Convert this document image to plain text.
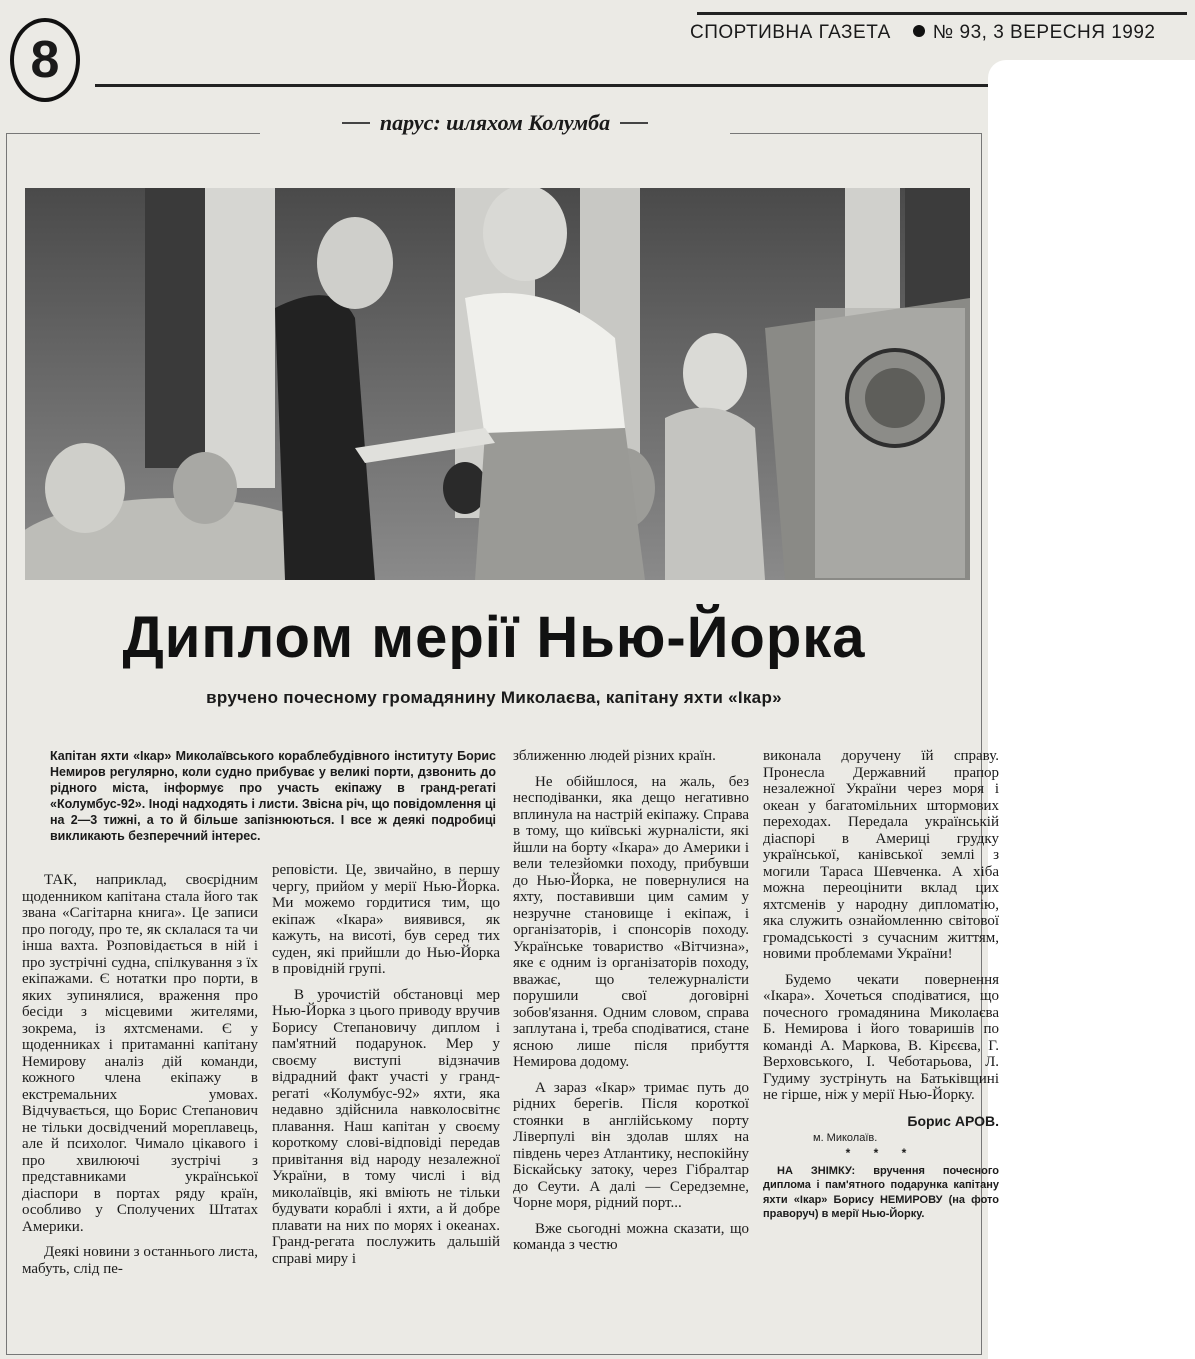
8	СПОРТИВНА ГАЗЕТА № 93, 3 ВЕРЕСНЯ 1992
парус: шляхом Колумба
Диплом мерії Нью-Йорка
вручено почесному громадянину Миколаєва, капітану яхти «Ікар»

Капітан яхти «Ікар» Миколаївського кораблебудівного інституту Борис Немиров регулярно, коли судно прибуває у великі порти, дзвонить до рідного міста, інформує про участь екіпажу в гранд-регаті «Колумбус-92». Іноді надходять і листи. Звісна річ, що повідомлення ці на 2—3 тижні, а то й більше запізнюються. І все ж деякі подробиці викликають безперечний інтерес.

ТАК, наприклад, своєрідним щоденником капітана стала його так звана «Сагітарна книга». Це записи про погоду, про те, як склалася та чи інша вахта. Розповідається в ній і про зустрічні судна, спілкування з їх екіпажами. Є нотатки про порти, в яких зупинялися, враження про бесіди з місцевими жителями, зокрема, із яхтсменами. Є у щоденниках і притаманні капітану Немирову аналіз дій команди, кожного члена екіпажу в екстремальних умовах. Відчувається, що Борис Степанович не тільки досвідчений мореплавець, але й психолог. Чимало цікавого і про хвилюючі зустрічі з представниками української діаспори в портах ряду країн, особливо у Сполучених Штатах Америки.

Деякі новини з останнього листа, мабуть, слід пе-

реповісти. Це, звичайно, в першу чергу, прийом у мерії Нью-Йорка. Ми можемо гордитися тим, що екіпаж «Ікара» виявився, як кажуть, на висоті, був серед тих суден, які прийшли до Нью-Йорка в провідній групі.

В урочистій обстановці мер Нью-Йорка з цього приводу вручив Борису Степановичу диплом і пам'ятний подарунок. Мер у своєму виступі відзначив відрадний факт участі у гранд-регаті «Колумбус-92» яхти, яка недавно здійснила навколосвітнє плавання. Наш капітан у своєму короткому слові-відповіді передав привітання від народу незалежної України, в тому числі і від миколаївців, які вміють не тільки будувати кораблі і яхти, а й добре плавати на них по морях і океанах. Гранд-регата послужить дальшій справі миру і

зближенню людей різних країн.

Не обійшлося, на жаль, без несподіванки, яка дещо негативно вплинула на настрій екіпажу. Справа в тому, що київські журналісти, які йшли на борту «Ікара» до Америки і вели телезйомки походу, прибувши до Нью-Йорка, не повернулися на яхту, поставивши цим самим у незручне становище і екіпаж, і організаторів, і спонсорів походу. Українське товариство «Вітчизна», яке є одним із організаторів походу, вважає, що тележурналісти порушили свої договірні зобов'язання. Одним словом, справа заплутана і, треба сподіватися, стане ясною лише після прибуття Немирова додому.

А зараз «Ікар» тримає путь до рідних берегів. Після короткої стоянки в англійському порту Ліверпулі він здолав шлях на південь через Атлантику, неспокійну Біскайську затоку, через Гібралтар до Сеути. А далі — Середземне, Чорне моря, рідний порт...

Вже сьогодні можна сказати, що команда з честю

виконала доручену їй справу. Пронесла Державний прапор незалежної України через моря і океан у багатомільних штормових переходах. Передала українській діаспорі в Америці грудку української, канівської землі з могили Тараса Шевченка. А хіба можна переоцінити вклад цих яхтсменів у народну дипломатію, яка служить ознайомленню світової громадськості з сучасним життям, новими проблемами України!

Будемо чекати повернення «Ікара». Хочеться сподіватися, що почесного громадянина Миколаєва Б. Немирова і його товаришів по команді А. Маркова, В. Кірєєва, Г. Верховського, І. Чеботарьова, Л. Гудиму зустрінуть на Батьківщині не гірше, ніж у мерії Нью-Йорку.

Борис АРОВ.
м. Миколаїв.
* * *
НА ЗНІМКУ: вручення почесного диплома і пам'ятного подарунка капітану яхти «Ікар» Борису НЕМИРОВУ (на фото праворуч) в мерії Нью-Йорку.
